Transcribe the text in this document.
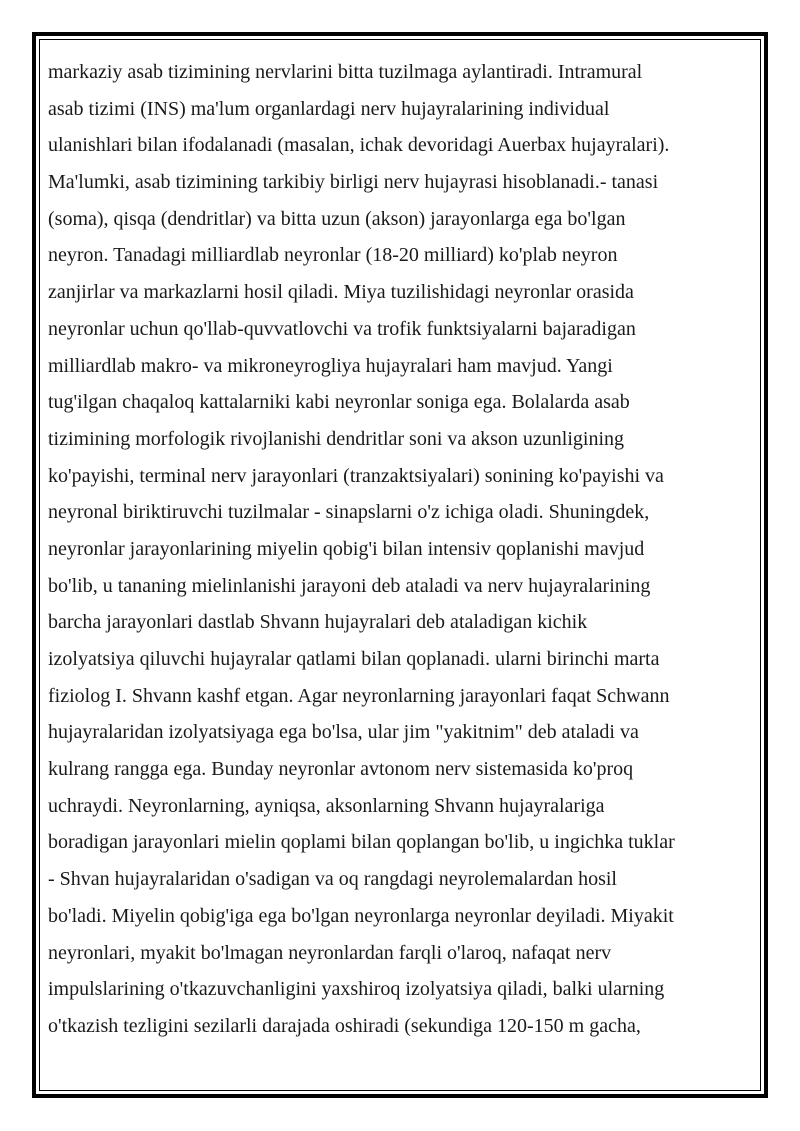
markaziy asab tizimining nervlarini bitta tuzilmaga aylantiradi. Intramural
asab tizimi (INS) ma'lum organlardagi nerv hujayralarining individual
ulanishlari bilan ifodalanadi (masalan, ichak devoridagi Auerbax hujayralari).
Ma'lumki, asab tizimining tarkibiy birligi nerv hujayrasi hisoblanadi.- tanasi
(soma), qisqa (dendritlar) va bitta uzun (akson) jarayonlarga ega bo'lgan
neyron. Tanadagi milliardlab neyronlar (18-20 milliard) ko'plab neyron
zanjirlar va markazlarni hosil qiladi. Miya tuzilishidagi neyronlar orasida
neyronlar uchun qo'llab-quvvatlovchi va trofik funktsiyalarni bajaradigan
milliardlab makro- va mikroneyrogliya hujayralari ham mavjud. Yangi
tug'ilgan chaqaloq kattalarniki kabi neyronlar soniga ega. Bolalarda asab
tizimining morfologik rivojlanishi dendritlar soni va akson uzunligining
ko'payishi, terminal nerv jarayonlari (tranzaktsiyalari) sonining ko'payishi va
neyronal biriktiruvchi tuzilmalar - sinapslarni o'z ichiga oladi. Shuningdek,
neyronlar jarayonlarining miyelin qobig'i bilan intensiv qoplanishi mavjud
bo'lib, u tananing mielinlanishi jarayoni deb ataladi va nerv hujayralarining
barcha jarayonlari dastlab Shvann hujayralari deb ataladigan kichik
izolyatsiya qiluvchi hujayralar qatlami bilan qoplanadi. ularni birinchi marta
fiziolog I. Shvann kashf etgan. Agar neyronlarning jarayonlari faqat Schwann
hujayralaridan izolyatsiyaga ega bo'lsa, ular jim "yakitnim" deb ataladi va
kulrang rangga ega. Bunday neyronlar avtonom nerv sistemasida ko'proq
uchraydi. Neyronlarning, ayniqsa, aksonlarning Shvann hujayralariga
boradigan jarayonlari mielin qoplami bilan qoplangan bo'lib, u ingichka tuklar
- Shvan hujayralaridan o'sadigan va oq rangdagi neyrolemalardan hosil
bo'ladi. Miyelin qobig'iga ega bo'lgan neyronlarga neyronlar deyiladi. Miyakit
neyronlari, myakit bo'lmagan neyronlardan farqli o'laroq, nafaqat nerv
impulslarining o'tkazuvchanligini yaxshiroq izolyatsiya qiladi, balki ularning
o'tkazish tezligini sezilarli darajada oshiradi (sekundiga 120-150 m gacha,
